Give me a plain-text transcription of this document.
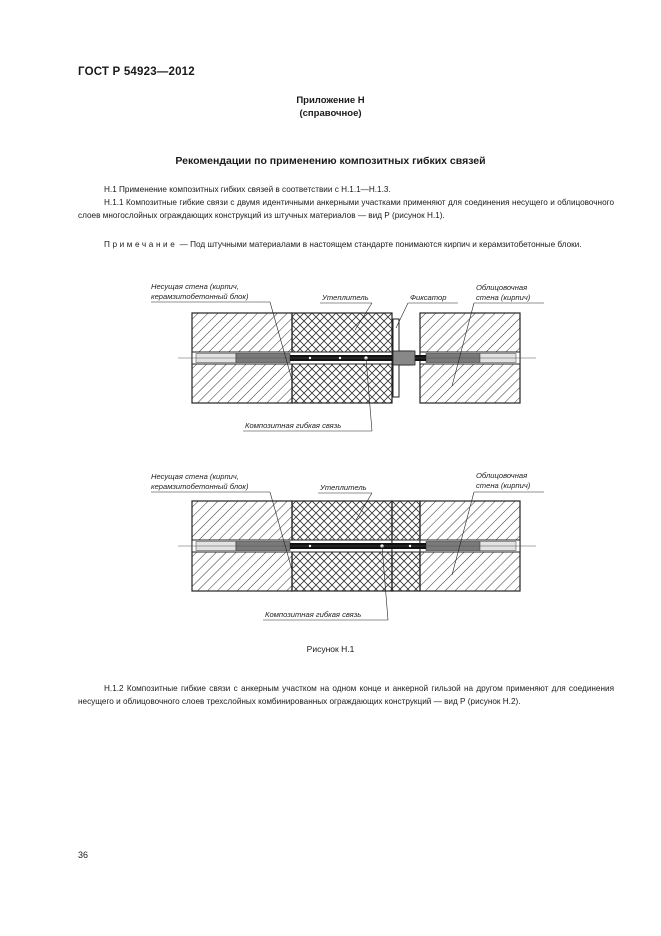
ГОСТ Р 54923—2012
Приложение Н
(справочное)
Рекомендации по применению композитных гибких связей
Н.1 Применение композитных гибких связей в соответствии с Н.1.1—Н.1.3.
Н.1.1 Композитные гибкие связи с двумя идентичными анкерными участками применяют для соединения несущего и облицовочного слоев многослойных ограждающих конструкций из штучных материалов — вид Р (рисунок Н.1).
Примечание — Под штучными материалами в настоящем стандарте понимаются кирпич и керамзитобетонные блоки.
Несущая стена (кирпич,
керамзитобетонный блок)	Утеплитель	Фиксатор
Облицовочная
стена (кирпич)
Композитная гибкая связь
Несущая стена (кирпич,
керамзитобетонный блок)	Утеплитель
Облицовочная
стена (кирпич)
Композитная гибкая связь
Рисунок Н.1
Н.1.2 Композитные гибкие связи с анкерным участком на одном конце и анкерной гильзой на другом применяют для соединения несущего и облицовочного слоев трехслойных комбинированных ограждающих конструкций — вид Р (рисунок Н.2).
36
